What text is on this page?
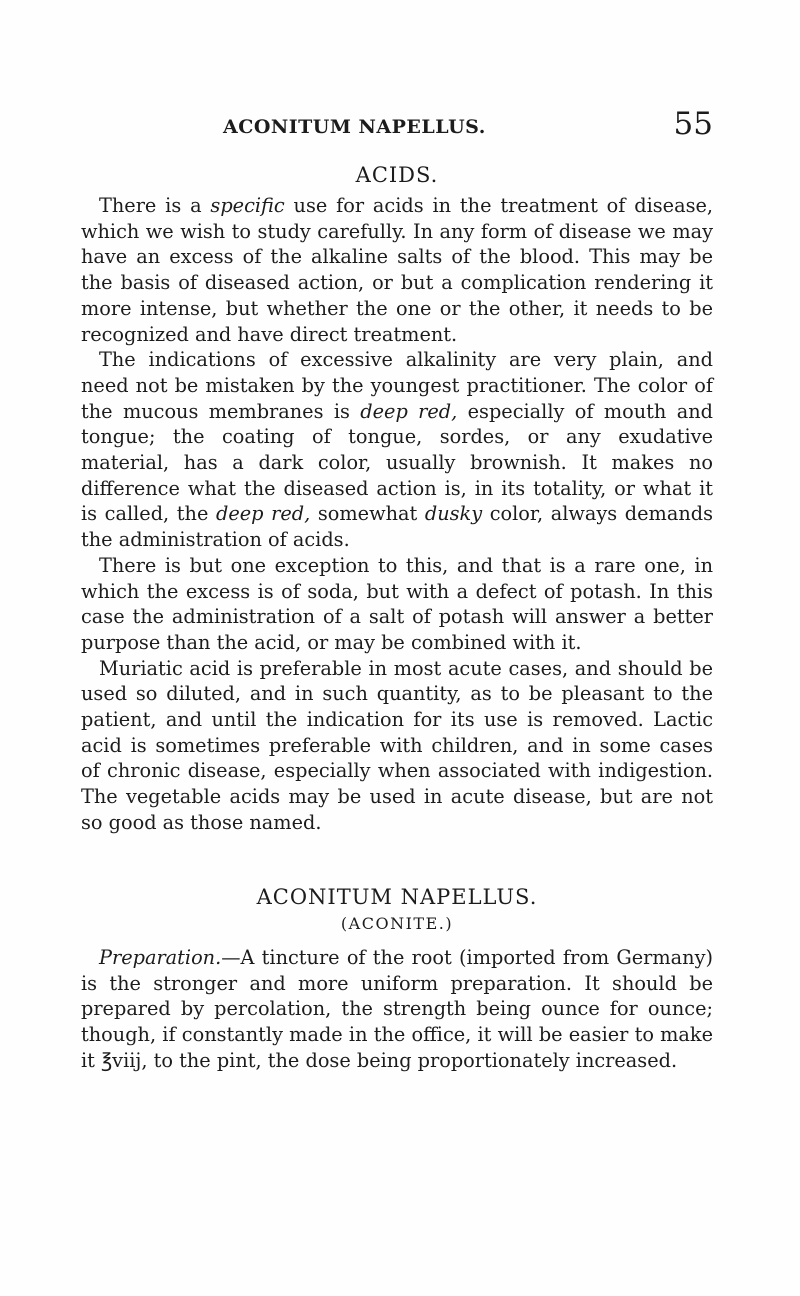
ACONITUM NAPELLUS.	55
ACIDS.

There is a specific use for acids in the treatment of disease, which we wish to study carefully. In any form of disease we may have an excess of the alkaline salts of the blood. This may be the basis of diseased action, or but a complication rendering it more intense, but whether the one or the other, it needs to be recognized and have direct treatment.

The indications of excessive alkalinity are very plain, and need not be mistaken by the youngest practitioner. The color of the mucous membranes is deep red, especially of mouth and tongue; the coating of tongue, sordes, or any exudative material, has a dark color, usually brownish. It makes no difference what the diseased action is, in its totality, or what it is called, the deep red, somewhat dusky color, always demands the administration of acids.

There is but one exception to this, and that is a rare one, in which the excess is of soda, but with a defect of potash. In this case the administration of a salt of potash will answer a better purpose than the acid, or may be combined with it.

Muriatic acid is preferable in most acute cases, and should be used so diluted, and in such quantity, as to be pleasant to the patient, and until the indication for its use is removed. Lactic acid is sometimes preferable with children, and in some cases of chronic disease, especially when associated with indigestion. The vegetable acids may be used in acute disease, but are not so good as those named.

ACONITUM NAPELLUS.
(ACONITE.)

Preparation.—A tincture of the root (imported from Germany) is the stronger and more uniform preparation. It should be prepared by percolation, the strength being ounce for ounce; though, if constantly made in the office, it will be easier to make it ℥viij, to the pint, the dose being proportionately increased.
